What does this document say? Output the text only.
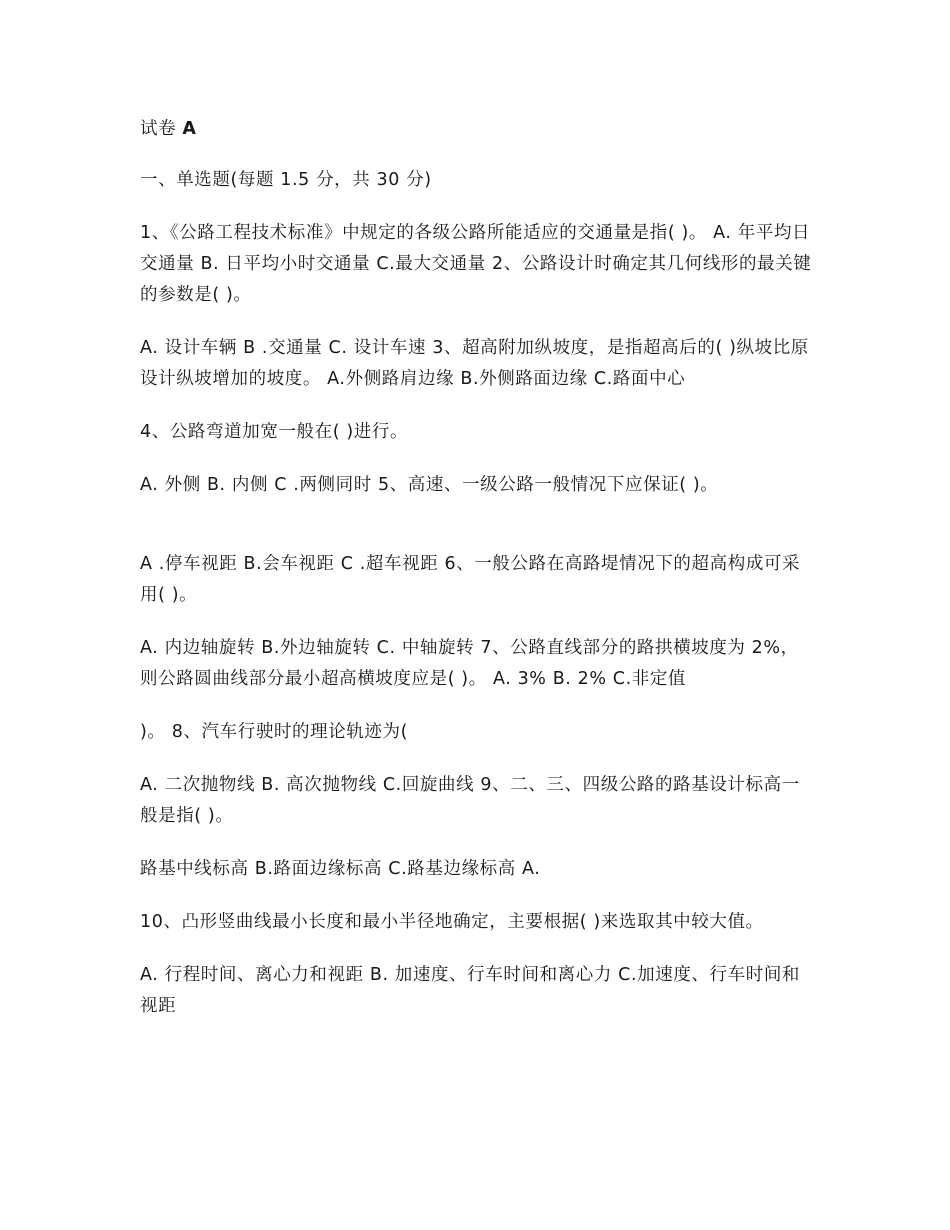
试卷 A

一、单选题(每题 1.5 分，共 30 分)

1、《公路工程技术标准》中规定的各级公路所能适应的交通量是指( )。 A. 年平均日交通量 B. 日平均小时交通量 C.最大交通量 2、公路设计时确定其几何线形的最关键的参数是( )。

A. 设计车辆 B .交通量 C. 设计车速 3、超高附加纵坡度，是指超高后的( )纵坡比原设计纵坡增加的坡度。 A.外侧路肩边缘 B.外侧路面边缘 C.路面中心

4、公路弯道加宽一般在( )进行。

A. 外侧 B. 内侧 C .两侧同时 5、高速、一级公路一般情况下应保证( )。

A .停车视距 B.会车视距 C .超车视距 6、一般公路在高路堤情况下的超高构成可采用( )。

A. 内边轴旋转 B.外边轴旋转 C. 中轴旋转 7、公路直线部分的路拱横坡度为 2%，则公路圆曲线部分最小超高横坡度应是( )。 A. 3% B. 2% C.非定值

)。 8、汽车行驶时的理论轨迹为(

A. 二次抛物线 B. 高次抛物线 C.回旋曲线 9、二、三、四级公路的路基设计标高一般是指( )。

路基中线标高 B.路面边缘标高 C.路基边缘标高 A.

10、凸形竖曲线最小长度和最小半径地确定，主要根据( )来选取其中较大值。

A. 行程时间、离心力和视距 B. 加速度、行车时间和离心力 C.加速度、行车时间和视距
